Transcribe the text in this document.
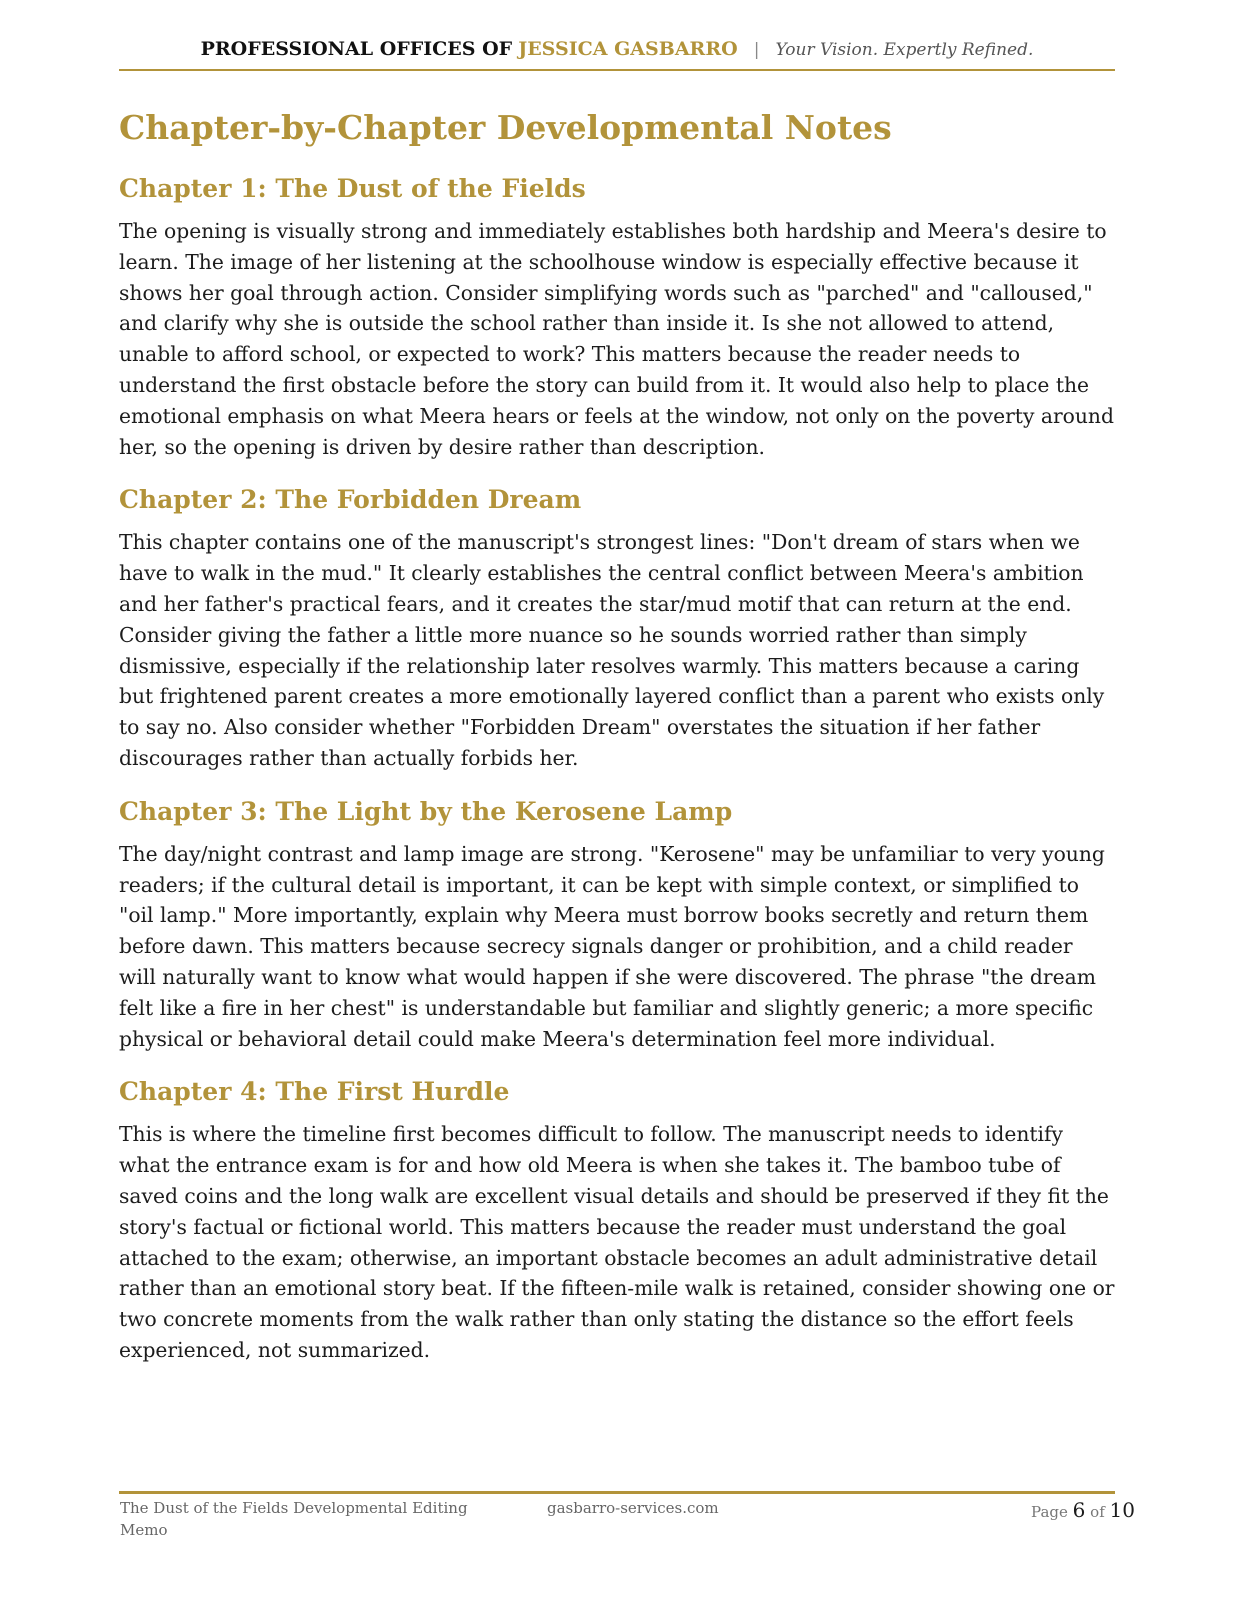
PROFESSIONAL OFFICES OF JESSICA GASBARRO | Your Vision. Expertly Refined.
Chapter-by-Chapter Developmental Notes
Chapter 1: The Dust of the Fields

The opening is visually strong and immediately establishes both hardship and Meera's desire to learn. The image of her listening at the schoolhouse window is especially effective because it shows her goal through action. Consider simplifying words such as "parched" and "calloused," and clarify why she is outside the school rather than inside it. Is she not allowed to attend, unable to afford school, or expected to work? This matters because the reader needs to understand the first obstacle before the story can build from it. It would also help to place the emotional emphasis on what Meera hears or feels at the window, not only on the poverty around her, so the opening is driven by desire rather than description.

Chapter 2: The Forbidden Dream

This chapter contains one of the manuscript's strongest lines: "Don't dream of stars when we have to walk in the mud." It clearly establishes the central conflict between Meera's ambition and her father's practical fears, and it creates the star/mud motif that can return at the end. Consider giving the father a little more nuance so he sounds worried rather than simply dismissive, especially if the relationship later resolves warmly. This matters because a caring but frightened parent creates a more emotionally layered conflict than a parent who exists only to say no. Also consider whether "Forbidden Dream" overstates the situation if her father discourages rather than actually forbids her.

Chapter 3: The Light by the Kerosene Lamp

The day/night contrast and lamp image are strong. "Kerosene" may be unfamiliar to very young readers; if the cultural detail is important, it can be kept with simple context, or simplified to "oil lamp." More importantly, explain why Meera must borrow books secretly and return them before dawn. This matters because secrecy signals danger or prohibition, and a child reader will naturally want to know what would happen if she were discovered. The phrase "the dream felt like a fire in her chest" is understandable but familiar and slightly generic; a more specific physical or behavioral detail could make Meera's determination feel more individual.

Chapter 4: The First Hurdle

This is where the timeline first becomes difficult to follow. The manuscript needs to identify what the entrance exam is for and how old Meera is when she takes it. The bamboo tube of saved coins and the long walk are excellent visual details and should be preserved if they fit the story's factual or fictional world. This matters because the reader must understand the goal attached to the exam; otherwise, an important obstacle becomes an adult administrative detail rather than an emotional story beat. If the fifteen-mile walk is retained, consider showing one or two concrete moments from the walk rather than only stating the distance so the effort feels experienced, not summarized.

The Dust of the Fields Developmental Editing Memo
gasbarro-services.com	Page 6 of 10
